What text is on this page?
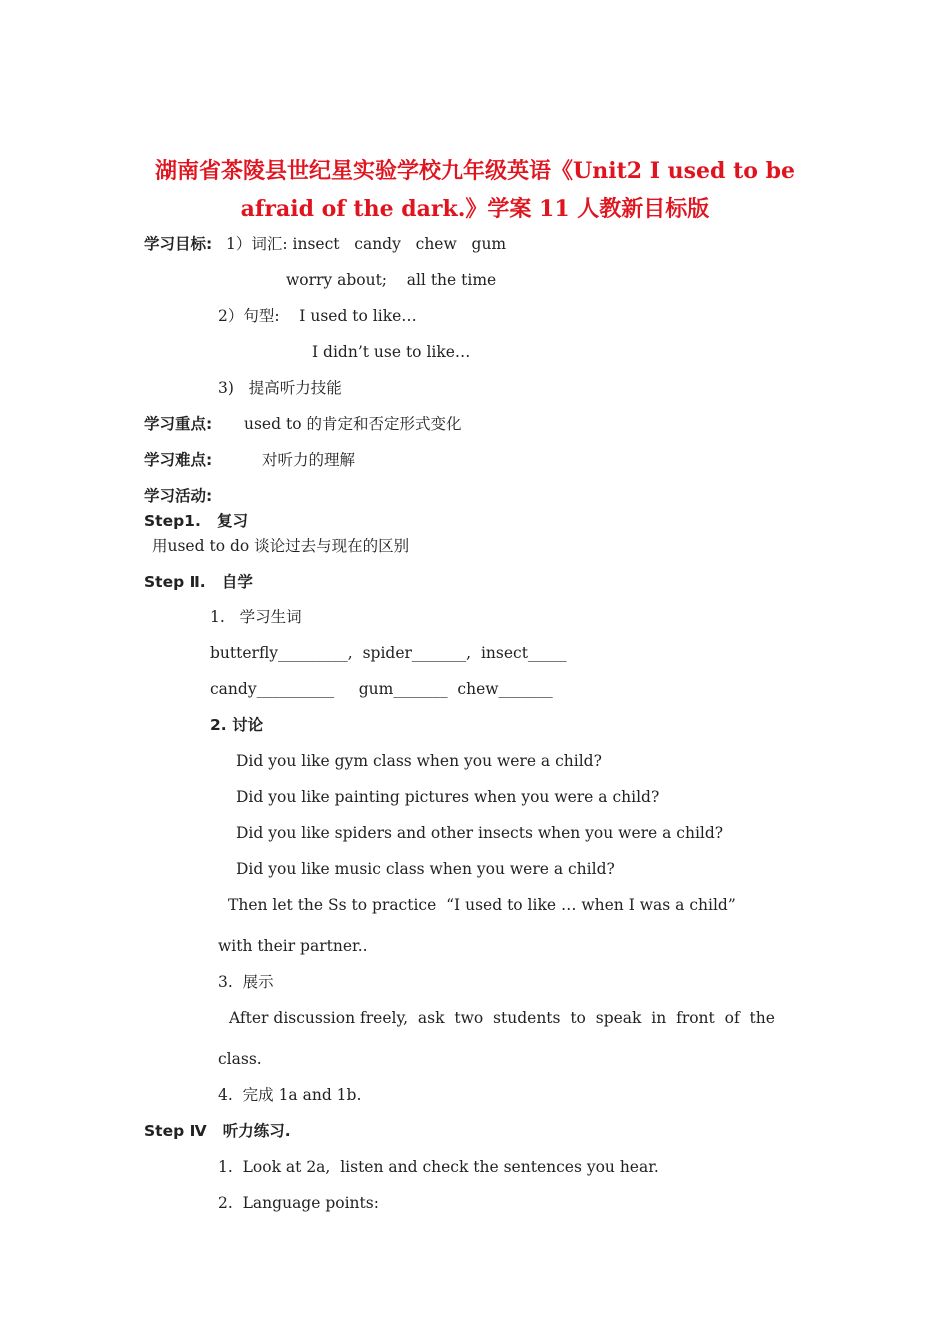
湖南省茶陵县世纪星实验学校九年级英语《Unit2 I used to be
afraid of the dark.》学案 11 人教新目标版
学习目标: 1）词汇: insect   candy   chew   gum
worry about;    all the time
2）句型:    I used to like…
I didn’t use to like…
3)   提高听力技能
学习重点: used to 的肯定和否定形式变化
学习难点:	对听力的理解
学习活动:
Step1.   复习
用used to do 谈论过去与现在的区别
Step Ⅱ.   自学
1.   学习生词
butterfly_________,  spider_______,  insect_____
candy__________     gum_______  chew_______
2. 讨论
Did you like gym class when you were a child?
Did you like painting pictures when you were a child?
Did you like spiders and other insects when you were a child?
Did you like music class when you were a child?
Then let the Ss to practice  “I used to like … when I was a child”
with their partner..
3.  展示
After discussion freely,  ask  two  students  to  speak  in  front  of  the
class.
4.  完成 1a and 1b.
Step Ⅳ   听力练习.
1.  Look at 2a,  listen and check the sentences you hear.
2.  Language points:
